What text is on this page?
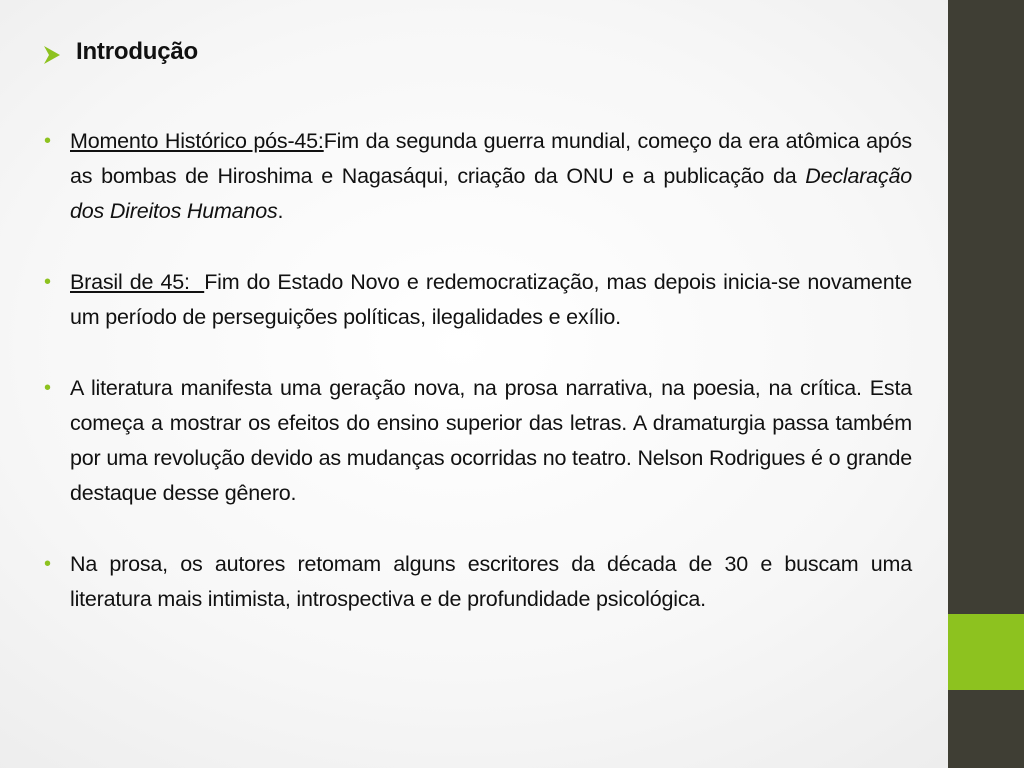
Introdução
• Momento Histórico pós-45:Fim da segunda guerra mundial, começo da era atômica após as bombas de Hiroshima e Nagasáqui, criação da ONU e a publicação da Declaração dos Direitos Humanos.
• Brasil de 45:  Fim do Estado Novo e redemocratização, mas depois inicia-se novamente um período de perseguições políticas, ilegalidades e exílio.
• A literatura manifesta uma geração nova, na prosa narrativa, na poesia, na crítica. Esta começa a mostrar os efeitos do ensino superior das letras. A dramaturgia passa também por uma revolução devido as mudanças ocorridas no teatro. Nelson Rodrigues é o grande destaque desse gênero.
• Na prosa, os autores retomam alguns escritores da década de 30 e buscam uma literatura mais intimista, introspectiva e de profundidade psicológica.
